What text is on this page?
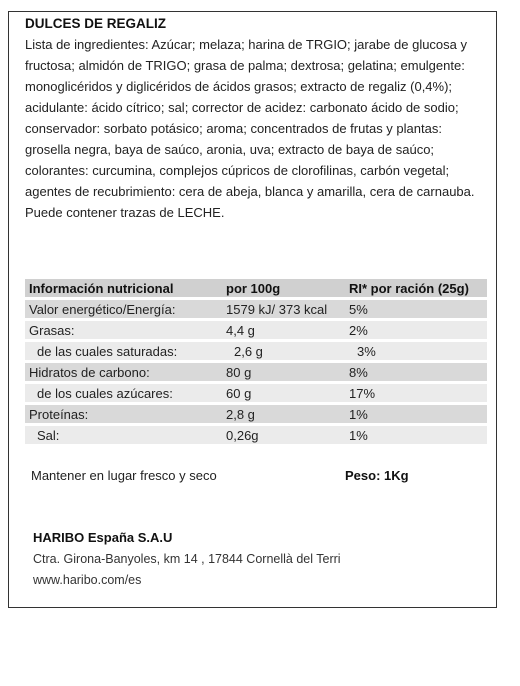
DULCES DE REGALIZ
Lista de ingredientes: Azúcar; melaza; harina de TRGIO; jarabe de glucosa y fructosa; almidón de TRIGO; grasa de palma; dextrosa; gelatina; emulgente: monoglicéridos y diglicéridos de ácidos grasos; extracto de regaliz (0,4%); acidulante: ácido cítrico; sal; corrector de acidez: carbonato ácido de sodio; conservador: sorbato potásico; aroma; concentrados de frutas y plantas: grosella negra, baya de saúco, aronia, uva; extracto de baya de saúco; colorantes: curcumina, complejos cúpricos de clorofilinas, carbón vegetal; agentes de recubrimiento: cera de abeja, blanca y amarilla, cera de carnauba. Puede contener trazas de LECHE.
Información nutricional	por 100g	RI* por ración (25g)
Valor energético/Energía:	1579 kJ/ 373 kcal	5%
Grasas:	4,4 g	2%
de las cuales saturadas:	2,6 g	3%
Hidratos de carbono:	80 g	8%
de los cuales azúcares:	60 g	17%
Proteínas:	2,8 g	1%
Sal:	0,26g	1%
Mantener en lugar fresco y seco	Peso: 1Kg
HARIBO España S.A.U
Ctra. Girona-Banyoles, km 14 , 17844 Cornellà del Terri
www.haribo.com/es
